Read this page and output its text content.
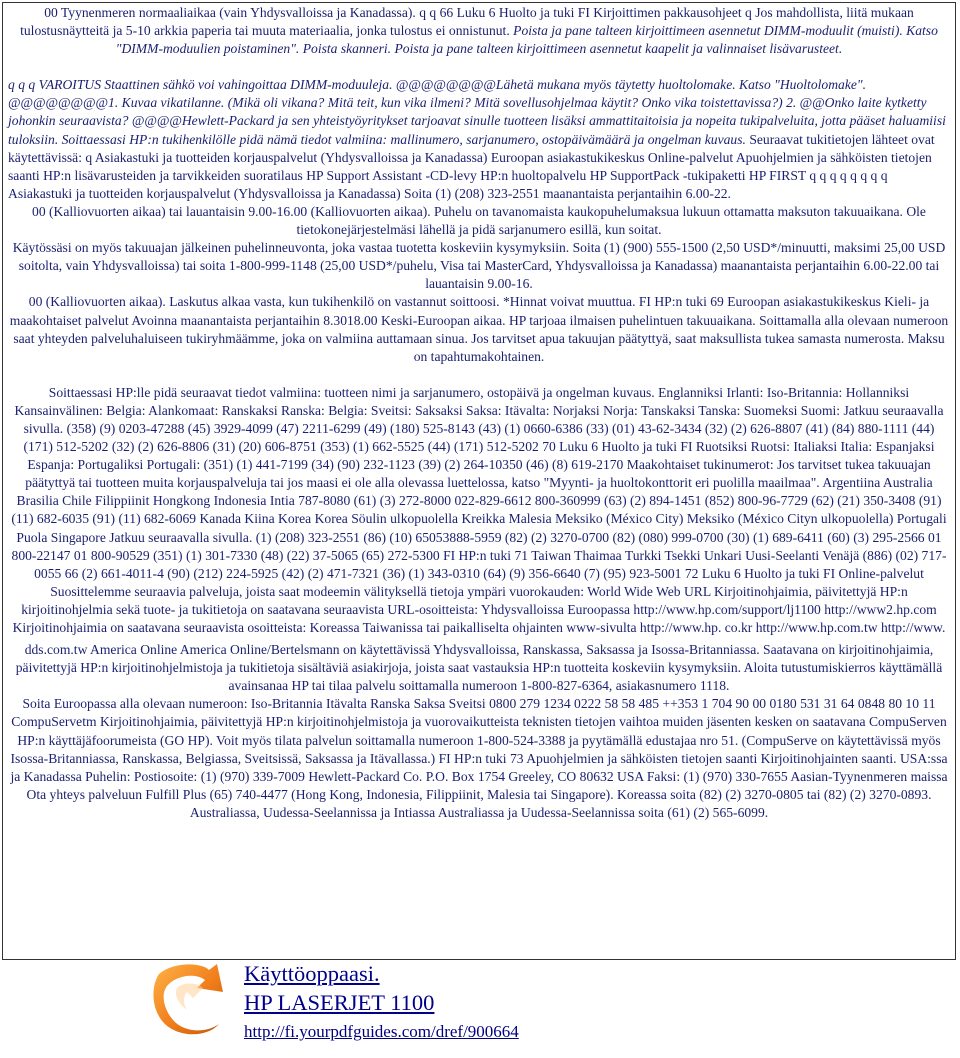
00 Tyynenmeren normaaliaikaa (vain Yhdysvalloissa ja Kanadassa). q q 66 Luku 6 Huolto ja tuki FI Kirjoittimen pakkausohjeet q Jos mahdollista, liitä mukaan tulostusnäytteitä ja 5-10 arkkia paperia tai muuta materiaalia, jonka tulostus ei onnistunut. Poista ja pane talteen kirjoittimeen asennetut DIMM-moduulit (muisti). Katso "DIMM-moduulien poistaminen". Poista skanneri. Poista ja pane talteen kirjoittimeen asennetut kaapelit ja valinnaiset lisävarusteet.

q q q VAROITUS Staattinen sähkö voi vahingoittaa DIMM-moduuleja. @@@@@@@@Lähetä mukana myös täytetty huoltolomake. Katso "Huoltolomake". @@@@@@@@1. Kuvaa vikatilanne. (Mikä oli vikana? Mitä teit, kun vika ilmeni? Mitä sovellusohjelmaa käytit? Onko vika toistettavissa?) 2. @@Onko laite kytketty johonkin seuraavista? @@@@Hewlett-Packard ja sen yhteistyöyritykset tarjoavat sinulle tuotteen lisäksi ammattitaitoisia ja nopeita tukipalveluita, jotta pääset haluamiisi tuloksiin. Soittaessasi HP:n tukihenkilölle pidä nämä tiedot valmiina: mallinumero, sarjanumero, ostopäivämäärä ja ongelman kuvaus. Seuraavat tukitietojen lähteet ovat käytettävissä: q Asiakastuki ja tuotteiden korjauspalvelut (Yhdysvalloissa ja Kanadassa) Euroopan asiakastukikeskus Online-palvelut Apuohjelmien ja sähköisten tietojen saanti HP:n lisävarusteiden ja tarvikkeiden suoratilaus HP Support Assistant -CD-levy HP:n huoltopalvelu HP SupportPack -tukipaketti HP FIRST q q q q q q q q Asiakastuki ja tuotteiden korjauspalvelut (Yhdysvalloissa ja Kanadassa) Soita (1) (208) 323-2551 maanantaista perjantaihin 6.00-22.

00 (Kalliovuorten aikaa) tai lauantaisin 9.00-16.00 (Kalliovuorten aikaa). Puhelu on tavanomaista kaukopuhelumaksua lukuun ottamatta maksuton takuuaikana. Ole tietokonejärjestelmäsi lähellä ja pidä sarjanumero esillä, kun soitat.

Käytössäsi on myös takuuajan jälkeinen puhelinneuvonta, joka vastaa tuotetta koskeviin kysymyksiin. Soita (1) (900) 555-1500 (2,50 USD*/minuutti, maksimi 25,00 USD soitolta, vain Yhdysvalloissa) tai soita 1-800-999-1148 (25,00 USD*/puhelu, Visa tai MasterCard, Yhdysvalloissa ja Kanadassa) maanantaista perjantaihin 6.00-22.00 tai lauantaisin 9.00-16.

00 (Kalliovuorten aikaa). Laskutus alkaa vasta, kun tukihenkilö on vastannut soittoosi. *Hinnat voivat muuttua. FI HP:n tuki 69 Euroopan asiakastukikeskus Kieli- ja maakohtaiset palvelut Avoinna maanantaista perjantaihin 8.3018.00 Keski-Euroopan aikaa. HP tarjoaa ilmaisen puhelintuen takuuaikana. Soittamalla alla olevaan numeroon saat yhteyden palveluhaluiseen tukiryhmäämme, joka on valmiina auttamaan sinua. Jos tarvitset apua takuujan päätyttyä, saat maksullista tukea samasta numerosta. Maksu on tapahtumakohtainen.

Soittaessasi HP:lle pidä seuraavat tiedot valmiina: tuotteen nimi ja sarjanumero, ostopäivä ja ongelman kuvaus. Englanniksi Irlanti: Iso-Britannia: Hollanniksi Kansainvälinen: Belgia: Alankomaat: Ranskaksi Ranska: Belgia: Sveitsi: Saksaksi Saksa: Itävalta: Norjaksi Norja: Tanskaksi Tanska: Suomeksi Suomi: Jatkuu seuraavalla sivulla. (358) (9) 0203-47288 (45) 3929-4099 (47) 2211-6299 (49) (180) 525-8143 (43) (1) 0660-6386 (33) (01) 43-62-3434 (32) (2) 626-8807 (41) (84) 880-1111 (44) (171) 512-5202 (32) (2) 626-8806 (31) (20) 606-8751 (353) (1) 662-5525 (44) (171) 512-5202 70 Luku 6 Huolto ja tuki FI Ruotsiksi Ruotsi: Italiaksi Italia: Espanjaksi Espanja: Portugaliksi Portugali: (351) (1) 441-7199 (34) (90) 232-1123 (39) (2) 264-10350 (46) (8) 619-2170 Maakohtaiset tukinumerot: Jos tarvitset tukea takuuajan päätyttyä tai tuotteen muita korjauspalveluja tai jos maasi ei ole alla olevassa luettelossa, katso "Myynti- ja huoltokonttorit eri puolilla maailmaa". Argentiina Australia Brasilia Chile Filippiinit Hongkong Indonesia Intia 787-8080 (61) (3) 272-8000 022-829-6612 800-360999 (63) (2) 894-1451 (852) 800-96-7729 (62) (21) 350-3408 (91) (11) 682-6035 (91) (11) 682-6069 Kanada Kiina Korea Korea Söulin ulkopuolella Kreikka Malesia Meksiko (México City) Meksiko (México Cityn ulkopuolella) Portugali Puola Singapore Jatkuu seuraavalla sivulla. (1) (208) 323-2551 (86) (10) 65053888-5959 (82) (2) 3270-0700 (82) (080) 999-0700 (30) (1) 689-6411 (60) (3) 295-2566 01 800-22147 01 800-90529 (351) (1) 301-7330 (48) (22) 37-5065 (65) 272-5300 FI HP:n tuki 71 Taiwan Thaimaa Turkki Tsekki Unkari Uusi-Seelanti Venäjä (886) (02) 717-0055 66 (2) 661-4011-4 (90) (212) 224-5925 (42) (2) 471-7321 (36) (1) 343-0310 (64) (9) 356-6640 (7) (95) 923-5001 72 Luku 6 Huolto ja tuki FI Online-palvelut Suosittelemme seuraavia palveluja, joista saat modeemin välityksellä tietoja ympäri vuorokauden: World Wide Web URL Kirjoitinohjaimia, päivitettyjä HP:n kirjoitinohjelmia sekä tuote- ja tukitietoja on saatavana seuraavista URL-osoitteista: Yhdysvalloissa Euroopassa http://www.hp.com/support/lj1100 http://www2.hp.com Kirjoitinohjaimia on saatavana seuraavista osoitteista: Koreassa Taiwanissa tai paikalliselta ohjainten www-sivulta http://www.hp. co.kr http://www.hp.com.tw http://www.

dds.com.tw America Online America Online/Bertelsmann on käytettävissä Yhdysvalloissa, Ranskassa, Saksassa ja Isossa-Britanniassa. Saatavana on kirjoitinohjaimia, päivitettyjä HP:n kirjoitinohjelmistoja ja tukitietoja sisältäviä asiakirjoja, joista saat vastauksia HP:n tuotteita koskeviin kysymyksiin. Aloita tutustumiskierros käyttämällä avainsanaa HP tai tilaa palvelu soittamalla numeroon 1-800-827-6364, asiakasnumero 1118.

Soita Euroopassa alla olevaan numeroon: Iso-Britannia Itävalta Ranska Saksa Sveitsi 0800 279 1234 0222 58 58 485 ++353 1 704 90 00 0180 531 31 64 0848 80 10 11 CompuServetm Kirjoitinohjaimia, päivitettyjä HP:n kirjoitinohjelmistoja ja vuorovaikutteista teknisten tietojen vaihtoa muiden jäsenten kesken on saatavana CompuServen HP:n käyttäjäfoorumeista (GO HP). Voit myös tilata palvelun soittamalla numeroon 1-800-524-3388 ja pyytämällä edustajaa nro 51. (CompuServe on käytettävissä myös Isossa-Britanniassa, Ranskassa, Belgiassa, Sveitsissä, Saksassa ja Itävallassa.) FI HP:n tuki 73 Apuohjelmien ja sähköisten tietojen saanti Kirjoitinohjainten saanti. USA:ssa ja Kanadassa Puhelin: Postiosoite: (1) (970) 339-7009 Hewlett-Packard Co. P.O. Box 1754 Greeley, CO 80632 USA Faksi: (1) (970) 330-7655 Aasian-Tyynenmeren maissa Ota yhteys palveluun Fulfill Plus (65) 740-4477 (Hong Kong, Indonesia, Filippiinit, Malesia tai Singapore). Koreassa soita (82) (2) 3270-0805 tai (82) (2) 3270-0893. Australiassa, Uudessa-Seelannissa ja Intiassa Australiassa ja Uudessa-Seelannissa soita (61) (2) 565-6099.

Käyttöoppaasi.
HP LASERJET 1100
http://fi.yourpdfguides.com/dref/900664
